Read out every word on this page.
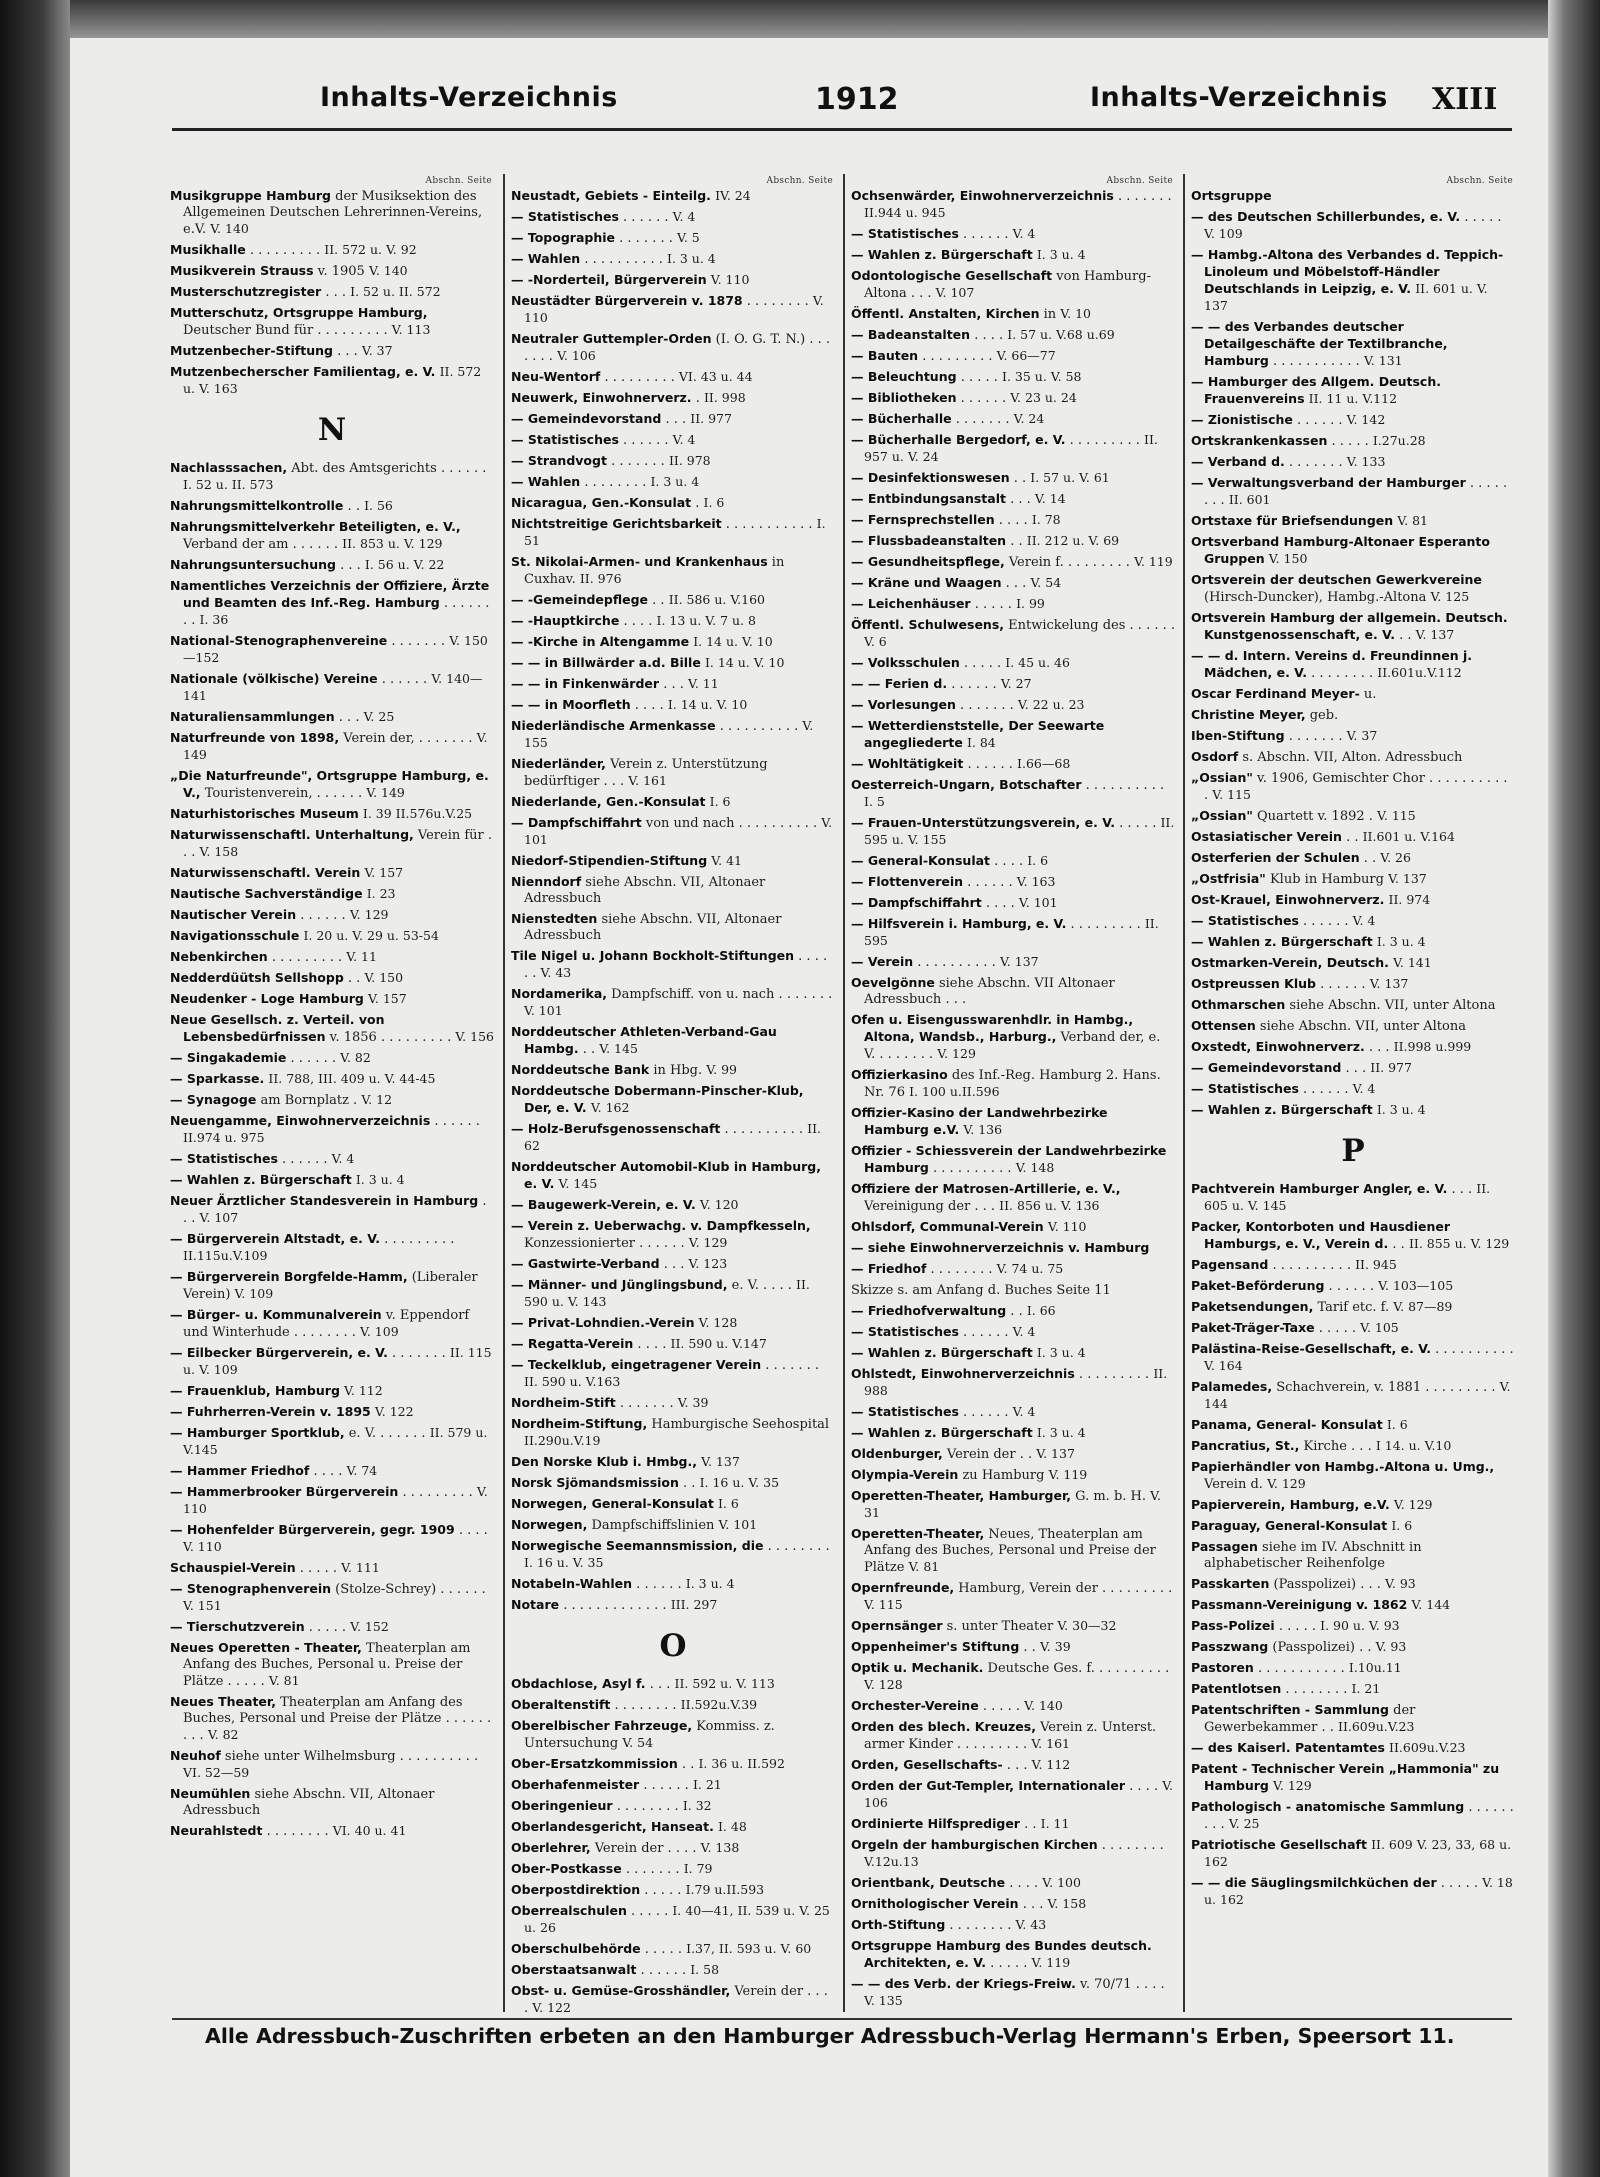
Inhalts-Verzeichnis	1912	Inhalts-Verzeichnis XIII
Abschn. Seite
Musikgruppe Hamburg der Musiksektion des Allgemeinen Deutschen Lehrerinnen-Vereins, e.V. V. 140
Musikhalle . . . . . . . . . II. 572 u. V. 92
Musikverein Strauss v. 1905 V. 140
Musterschutzregister . . . I. 52 u. II. 572
Mutterschutz, Ortsgruppe Hamburg, Deutscher Bund für . . . . . . . . . V. 113
Mutzenbecher-Stiftung . . . V. 37
Mutzenbecherscher Familientag, e. V. II. 572 u. V. 163
N
Nachlasssachen, Abt. des Amtsgerichts . . . . . . I. 52 u. II. 573
Nahrungsmittelkontrolle . . I. 56
Nahrungsmittelverkehr Beteiligten, e. V., Verband der am . . . . . . II. 853 u. V. 129
Nahrungsuntersuchung . . . I. 56 u. V. 22
Namentliches Verzeichnis der Offiziere, Ärzte und Beamten des Inf.-Reg. Hamburg . . . . . . . . I. 36
National-Stenographenvereine . . . . . . . V. 150—152
Nationale (völkische) Vereine . . . . . . V. 140—141
Naturaliensammlungen . . . V. 25
Naturfreunde von 1898, Verein der, . . . . . . . V. 149
„Die Naturfreunde", Ortsgruppe Hamburg, e. V., Touristenverein, . . . . . . V. 149
Naturhistorisches Museum I. 39 II.576u.V.25
Naturwissenschaftl. Unterhaltung, Verein für . . . V. 158
Naturwissenschaftl. Verein V. 157
Nautische Sachverständige I. 23
Nautischer Verein . . . . . . V. 129
Navigationsschule I. 20 u. V. 29 u. 53-54
Nebenkirchen . . . . . . . . . V. 11
Nedderdüütsh Sellshopp . . V. 150
Neudenker - Loge Hamburg V. 157
Neue Gesellsch. z. Verteil. von Lebensbedürfnissen v. 1856 . . . . . . . . . V. 156
— Singakademie . . . . . . V. 82
— Sparkasse. II. 788, III. 409 u. V. 44-45
— Synagoge am Bornplatz . V. 12
Neuengamme, Einwohnerverzeichnis . . . . . . II.974 u. 975
— Statistisches . . . . . . V. 4
— Wahlen z. Bürgerschaft I. 3 u. 4
Neuer Ärztlicher Standesverein in Hamburg . . . V. 107
— Bürgerverein Altstadt, e. V. . . . . . . . . . II.115u.V.109
— Bürgerverein Borgfelde-Hamm, (Liberaler Verein) V. 109
— Bürger- u. Kommunalverein v. Eppendorf und Winterhude . . . . . . . . V. 109
— Eilbecker Bürgerverein, e. V. . . . . . . . II. 115 u. V. 109
— Frauenklub, Hamburg V. 112
— Fuhrherren-Verein v. 1895 V. 122
— Hamburger Sportklub, e. V. . . . . . . II. 579 u. V.145
— Hammer Friedhof . . . . V. 74
— Hammerbrooker Bürgerverein . . . . . . . . . V. 110
— Hohenfelder Bürgerverein, gegr. 1909 . . . . V. 110
Schauspiel-Verein . . . . . V. 111
— Stenographenverein (Stolze-Schrey) . . . . . . V. 151
— Tierschutzverein . . . . . V. 152
Neues Operetten - Theater, Theaterplan am Anfang des Buches, Personal u. Preise der Plätze . . . . . V. 81
Neues Theater, Theaterplan am Anfang des Buches, Personal und Preise der Plätze . . . . . . . . . V. 82
Neuhof siehe unter Wilhelmsburg . . . . . . . . . . VI. 52—59
Neumühlen siehe Abschn. VII, Altonaer Adressbuch
Neurahlstedt . . . . . . . . VI. 40 u. 41
Abschn. Seite
Neustadt, Gebiets - Einteilg. IV. 24
— Statistisches . . . . . . V. 4
— Topographie . . . . . . . V. 5
— Wahlen . . . . . . . . . . I. 3 u. 4
— -Norderteil, Bürgerverein V. 110
Neustädter Bürgerverein v. 1878 . . . . . . . . V. 110
Neutraler Guttempler-Orden (I. O. G. T. N.) . . . . . . . V. 106
Neu-Wentorf . . . . . . . . . VI. 43 u. 44
Neuwerk, Einwohnerverz. . II. 998
— Gemeindevorstand . . . II. 977
— Statistisches . . . . . . V. 4
— Strandvogt . . . . . . . II. 978
— Wahlen . . . . . . . . I. 3 u. 4
Nicaragua, Gen.-Konsulat . I. 6
Nichtstreitige Gerichtsbarkeit . . . . . . . . . . . I. 51
St. Nikolai-Armen- und Krankenhaus in Cuxhav. II. 976
— -Gemeindepflege . . II. 586 u. V.160
— -Hauptkirche . . . . I. 13 u. V. 7 u. 8
— -Kirche in Altengamme I. 14 u. V. 10
— — in Billwärder a.d. Bille I. 14 u. V. 10
— — in Finkenwärder . . . V. 11
— — in Moorfleth . . . . I. 14 u. V. 10
Niederländische Armenkasse . . . . . . . . . . V. 155
Niederländer, Verein z. Unterstützung bedürftiger . . . V. 161
Niederlande, Gen.-Konsulat I. 6
— Dampfschiffahrt von und nach . . . . . . . . . . V. 101
Niedorf-Stipendien-Stiftung V. 41
Nienndorf siehe Abschn. VII, Altonaer Adressbuch
Nienstedten siehe Abschn. VII, Altonaer Adressbuch
Tile Nigel u. Johann Bockholt-Stiftungen . . . . . . V. 43
Nordamerika, Dampfschiff. von u. nach . . . . . . . V. 101
Norddeutscher Athleten-Verband-Gau Hambg. . . V. 145
Norddeutsche Bank in Hbg. V. 99
Norddeutsche Dobermann-Pinscher-Klub, Der, e. V. V. 162
— Holz-Berufsgenossenschaft . . . . . . . . . . II. 62
Norddeutscher Automobil-Klub in Hamburg, e. V. V. 145
— Baugewerk-Verein, e. V. V. 120
— Verein z. Ueberwachg. v. Dampfkesseln, Konzessionierter . . . . . . V. 129
— Gastwirte-Verband . . . V. 123
— Männer- und Jünglingsbund, e. V. . . . . II. 590 u. V. 143
— Privat-Lohndien.-Verein V. 128
— Regatta-Verein . . . . II. 590 u. V.147
— Teckelklub, eingetragener Verein . . . . . . . II. 590 u. V.163
Nordheim-Stift . . . . . . . V. 39
Nordheim-Stiftung, Hamburgische Seehospital II.290u.V.19
Den Norske Klub i. Hmbg., V. 137
Norsk Sjömandsmission . . I. 16 u. V. 35
Norwegen, General-Konsulat I. 6
Norwegen, Dampfschiffslinien V. 101
Norwegische Seemannsmission, die . . . . . . . . I. 16 u. V. 35
Notabeln-Wahlen . . . . . . I. 3 u. 4
Notare . . . . . . . . . . . . . III. 297
O
Obdachlose, Asyl f. . . . II. 592 u. V. 113
Oberaltenstift . . . . . . . . II.592u.V.39
Oberelbischer Fahrzeuge, Kommiss. z. Untersuchung V. 54
Ober-Ersatzkommission . . I. 36 u. II.592
Oberhafenmeister . . . . . . I. 21
Oberingenieur . . . . . . . . I. 32
Oberlandesgericht, Hanseat. I. 48
Oberlehrer, Verein der . . . . V. 138
Ober-Postkasse . . . . . . . I. 79
Oberpostdirektion . . . . . I.79 u.II.593
Oberrealschulen . . . . . I. 40—41, II. 539 u. V. 25 u. 26
Oberschulbehörde . . . . . I.37, II. 593 u. V. 60
Oberstaatsanwalt . . . . . . I. 58
Obst- u. Gemüse-Grosshändler, Verein der . . . . V. 122
Abschn. Seite
Ochsenwärder, Einwohnerverzeichnis . . . . . . . II.944 u. 945
— Statistisches . . . . . . V. 4
— Wahlen z. Bürgerschaft I. 3 u. 4
Odontologische Gesellschaft von Hamburg-Altona . . . V. 107
Öffentl. Anstalten, Kirchen in V. 10
— Badeanstalten . . . . I. 57 u. V.68 u.69
— Bauten . . . . . . . . . V. 66—77
— Beleuchtung . . . . . I. 35 u. V. 58
— Bibliotheken . . . . . . V. 23 u. 24
— Bücherhalle . . . . . . . V. 24
— Bücherhalle Bergedorf, e. V. . . . . . . . . . II. 957 u. V. 24
— Desinfektionswesen . . I. 57 u. V. 61
— Entbindungsanstalt . . . V. 14
— Fernsprechstellen . . . . I. 78
— Flussbadeanstalten . . II. 212 u. V. 69
— Gesundheitspflege, Verein f. . . . . . . . . V. 119
— Kräne und Waagen . . . V. 54
— Leichenhäuser . . . . . I. 99
Öffentl. Schulwesens, Entwickelung des . . . . . . V. 6
— Volksschulen . . . . . I. 45 u. 46
— — Ferien d. . . . . . . V. 27
— Vorlesungen . . . . . . . V. 22 u. 23
— Wetterdienststelle, Der Seewarte angegliederte I. 84
— Wohltätigkeit . . . . . . I.66—68
Oesterreich-Ungarn, Botschafter . . . . . . . . . . I. 5
— Frauen-Unterstützungsverein, e. V. . . . . . II. 595 u. V. 155
— General-Konsulat . . . . I. 6
— Flottenverein . . . . . . V. 163
— Dampfschiffahrt . . . . V. 101
— Hilfsverein i. Hamburg, e. V. . . . . . . . . . II. 595
— Verein . . . . . . . . . . V. 137
Oevelgönne siehe Abschn. VII Altonaer Adressbuch . . .
Ofen u. Eisengusswarenhdlr. in Hambg., Altona, Wandsb., Harburg., Verband der, e. V. . . . . . . . V. 129
Offizierkasino des Inf.-Reg. Hamburg 2. Hans. Nr. 76 I. 100 u.II.596
Offizier-Kasino der Landwehrbezirke Hamburg e.V. V. 136
Offizier - Schiessverein der Landwehrbezirke Hamburg . . . . . . . . . . V. 148
Offiziere der Matrosen-Artillerie, e. V., Vereinigung der . . . II. 856 u. V. 136
Ohlsdorf, Communal-Verein V. 110
— siehe Einwohnerverzeichnis v. Hamburg
— Friedhof . . . . . . . . V. 74 u. 75
Skizze s. am Anfang d. Buches Seite 11
— Friedhofverwaltung . . I. 66
— Statistisches . . . . . . V. 4
— Wahlen z. Bürgerschaft I. 3 u. 4
Ohlstedt, Einwohnerverzeichnis . . . . . . . . . II. 988
— Statistisches . . . . . . V. 4
— Wahlen z. Bürgerschaft I. 3 u. 4
Oldenburger, Verein der . . V. 137
Olympia-Verein zu Hamburg V. 119
Operetten-Theater, Hamburger, G. m. b. H. V. 31
Operetten-Theater, Neues, Theaterplan am Anfang des Buches, Personal und Preise der Plätze V. 81
Opernfreunde, Hamburg, Verein der . . . . . . . . . V. 115
Opernsänger s. unter Theater V. 30—32
Oppenheimer's Stiftung . . V. 39
Optik u. Mechanik. Deutsche Ges. f. . . . . . . . . . V. 128
Orchester-Vereine . . . . . V. 140
Orden des blech. Kreuzes, Verein z. Unterst. armer Kinder . . . . . . . . . V. 161
Orden, Gesellschafts- . . . V. 112
Orden der Gut-Templer, Internationaler . . . . V. 106
Ordinierte Hilfsprediger . . I. 11
Orgeln der hamburgischen Kirchen . . . . . . . . V.12u.13
Orientbank, Deutsche . . . . V. 100
Ornithologischer Verein . . . V. 158
Orth-Stiftung . . . . . . . . V. 43
Ortsgruppe Hamburg des Bundes deutsch. Architekten, e. V. . . . . . V. 119
— — des Verb. der Kriegs-Freiw. v. 70/71 . . . . V. 135
Abschn. Seite
Ortsgruppe
— des Deutschen Schillerbundes, e. V. . . . . . V. 109
— Hambg.-Altona des Verbandes d. Teppich-Linoleum und Möbelstoff-Händler Deutschlands in Leipzig, e. V. II. 601 u. V. 137
— — des Verbandes deutscher Detailgeschäfte der Textilbranche, Hamburg . . . . . . . . . . . V. 131
— Hamburger des Allgem. Deutsch. Frauenvereins II. 11 u. V.112
— Zionistische . . . . . . V. 142
Ortskrankenkassen . . . . . I.27u.28
— Verband d. . . . . . . . V. 133
— Verwaltungsverband der Hamburger . . . . . . . . II. 601
Ortstaxe für Briefsendungen V. 81
Ortsverband Hamburg-Altonaer Esperanto Gruppen V. 150
Ortsverein der deutschen Gewerkvereine (Hirsch-Duncker), Hambg.-Altona V. 125
Ortsverein Hamburg der allgemein. Deutsch. Kunstgenossenschaft, e. V. . . V. 137
— — d. Intern. Vereins d. Freundinnen j. Mädchen, e. V. . . . . . . . . II.601u.V.112
Oscar Ferdinand Meyer- u.
Christine Meyer, geb.
Iben-Stiftung . . . . . . . V. 37
Osdorf s. Abschn. VII, Alton. Adressbuch
„Ossian" v. 1906, Gemischter Chor . . . . . . . . . . . V. 115
„Ossian" Quartett v. 1892 . V. 115
Ostasiatischer Verein . . II.601 u. V.164
Osterferien der Schulen . . V. 26
„Ostfrisia" Klub in Hamburg V. 137
Ost-Krauel, Einwohnerverz. II. 974
— Statistisches . . . . . . V. 4
— Wahlen z. Bürgerschaft I. 3 u. 4
Ostmarken-Verein, Deutsch. V. 141
Ostpreussen Klub . . . . . . V. 137
Othmarschen siehe Abschn. VII, unter Altona
Ottensen siehe Abschn. VII, unter Altona
Oxstedt, Einwohnerverz. . . . II.998 u.999
— Gemeindevorstand . . . II. 977
— Statistisches . . . . . . V. 4
— Wahlen z. Bürgerschaft I. 3 u. 4
P
Pachtverein Hamburger Angler, e. V. . . . II. 605 u. V. 145
Packer, Kontorboten und Hausdiener Hamburgs, e. V., Verein d. . . II. 855 u. V. 129
Pagensand . . . . . . . . . . II. 945
Paket-Beförderung . . . . . . V. 103—105
Paketsendungen, Tarif etc. f. V. 87—89
Paket-Träger-Taxe . . . . . V. 105
Palästina-Reise-Gesellschaft, e. V. . . . . . . . . . . V. 164
Palamedes, Schachverein, v. 1881 . . . . . . . . . V. 144
Panama, General- Konsulat I. 6
Pancratius, St., Kirche . . . I 14. u. V.10
Papierhändler von Hambg.-Altona u. Umg., Verein d. V. 129
Papierverein, Hamburg, e.V. V. 129
Paraguay, General-Konsulat I. 6
Passagen siehe im IV. Abschnitt in alphabetischer Reihenfolge
Passkarten (Passpolizei) . . . V. 93
Passmann-Vereinigung v. 1862 V. 144
Pass-Polizei . . . . . I. 90 u. V. 93
Passzwang (Passpolizei) . . V. 93
Pastoren . . . . . . . . . . . I.10u.11
Patentlotsen . . . . . . . . I. 21
Patentschriften - Sammlung der Gewerbekammer . . II.609u.V.23
— des Kaiserl. Patentamtes II.609u.V.23
Patent - Technischer Verein „Hammonia" zu Hamburg V. 129
Pathologisch - anatomische Sammlung . . . . . . . . . V. 25
Patriotische Gesellschaft II. 609 V. 23, 33, 68 u. 162
— — die Säuglingsmilchküchen der . . . . . V. 18 u. 162
Alle Adressbuch-Zuschriften erbeten an den Hamburger Adressbuch-Verlag Hermann's Erben, Speersort 11.
